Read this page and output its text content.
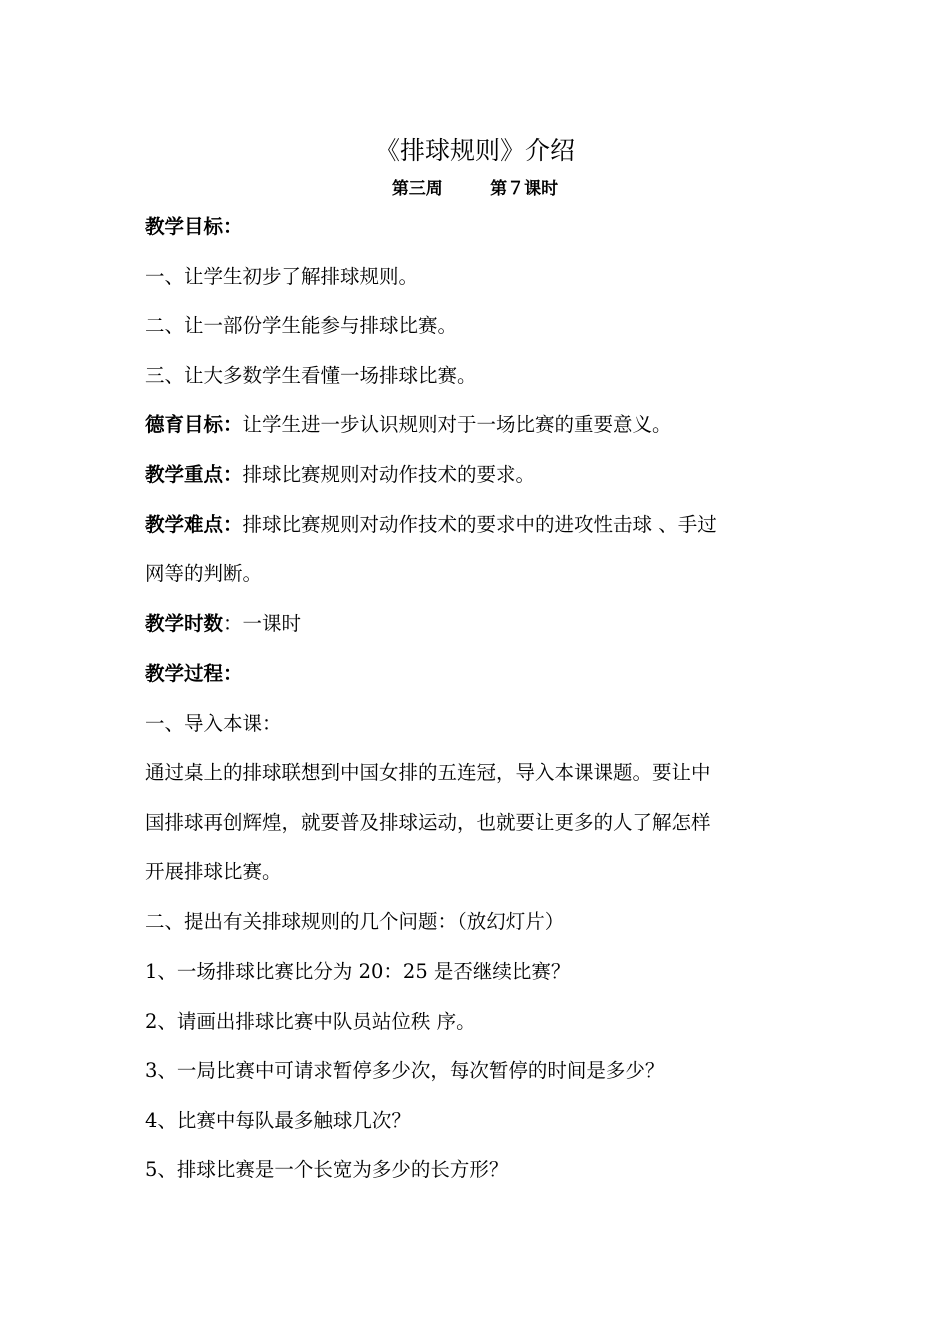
《排球规则》介绍
第三周        第７课时
教学目标：
一、让学生初步了解排球规则。
二、让一部份学生能参与排球比赛。
三、让大多数学生看懂一场排球比赛。
德育目标：让学生进一步认识规则对于一场比赛的重要意义。
教学重点：排球比赛规则对动作技术的要求。
教学难点：排球比赛规则对动作技术的要求中的进攻性击球 、手过
网等的判断。
教学时数：一课时
教学过程：
一、导入本课：
通过桌上的排球联想到中国女排的五连冠，导入本课课题。要让中
国排球再创辉煌，就要普及排球运动，也就要让更多的人了解怎样
开展排球比赛。
二、提出有关排球规则的几个问题：（放幻灯片）
1、一场排球比赛比分为 20：25 是否继续比赛？
2、请画出排球比赛中队员站位秩 序。
3、一局比赛中可请求暂停多少次，每次暂停的时间是多少？
4、比赛中每队最多触球几次？
5、排球比赛是一个长宽为多少的长方形？
